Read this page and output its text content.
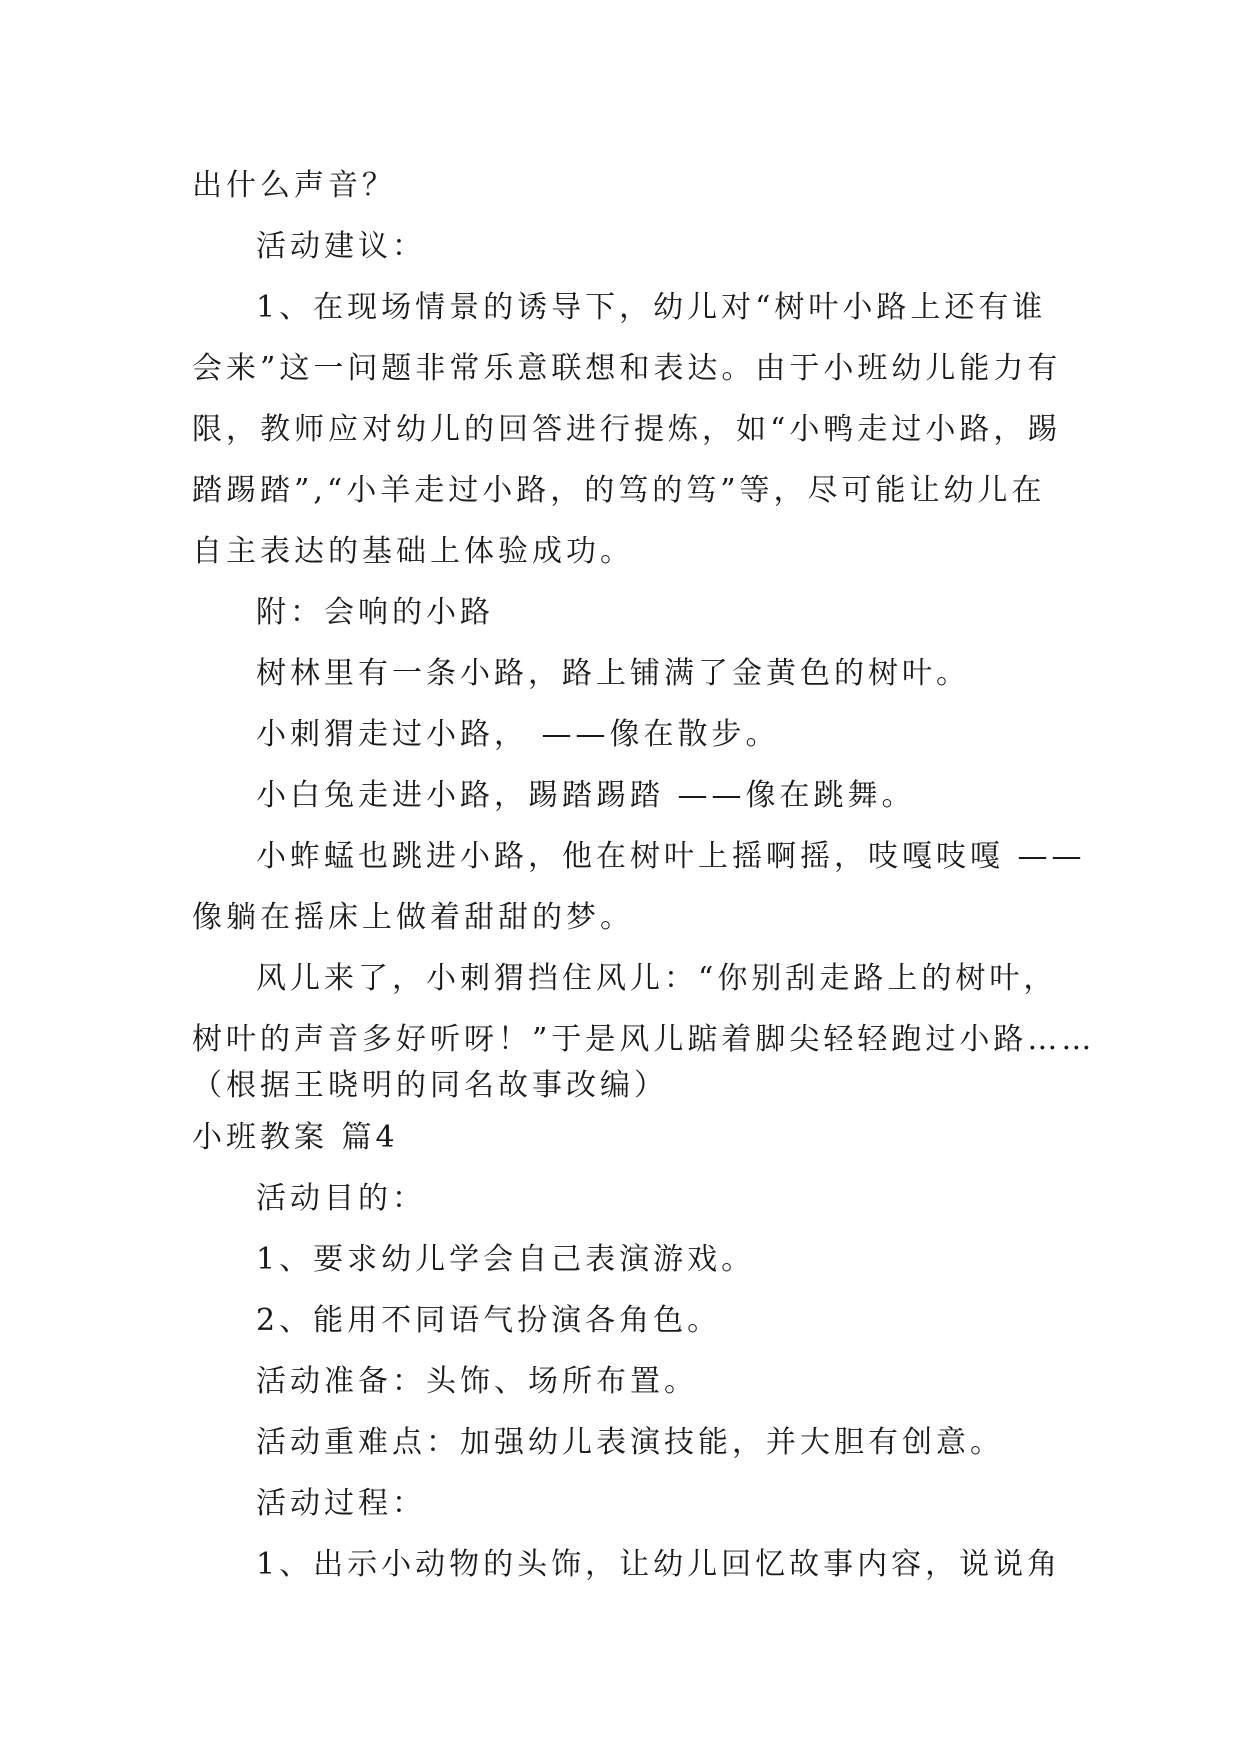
出什么声音？
活动建议：
1、在现场情景的诱导下，幼儿对“树叶小路上还有谁
会来”这一问题非常乐意联想和表达。由于小班幼儿能力有
限，教师应对幼儿的回答进行提炼，如“小鸭走过小路，踢
踏踢踏”,“小羊走过小路，的笃的笃”等，尽可能让幼儿在
自主表达的基础上体验成功。
附：会响的小路
树林里有一条小路，路上铺满了金黄色的树叶。
小刺猬走过小路， ——像在散步。
小白兔走进小路，踢踏踢踏 ——像在跳舞。
小蚱蜢也跳进小路，他在树叶上摇啊摇，吱嘎吱嘎 ——
像躺在摇床上做着甜甜的梦。
风儿来了，小刺猬挡住风儿：“你别刮走路上的树叶，
树叶的声音多好听呀！”于是风儿踮着脚尖轻轻跑过小路……
（根据王晓明的同名故事改编）
小班教案 篇4
活动目的：
1、要求幼儿学会自己表演游戏。
2、能用不同语气扮演各角色。
活动准备：头饰、场所布置。
活动重难点：加强幼儿表演技能，并大胆有创意。
活动过程：
1、出示小动物的头饰，让幼儿回忆故事内容，说说角
